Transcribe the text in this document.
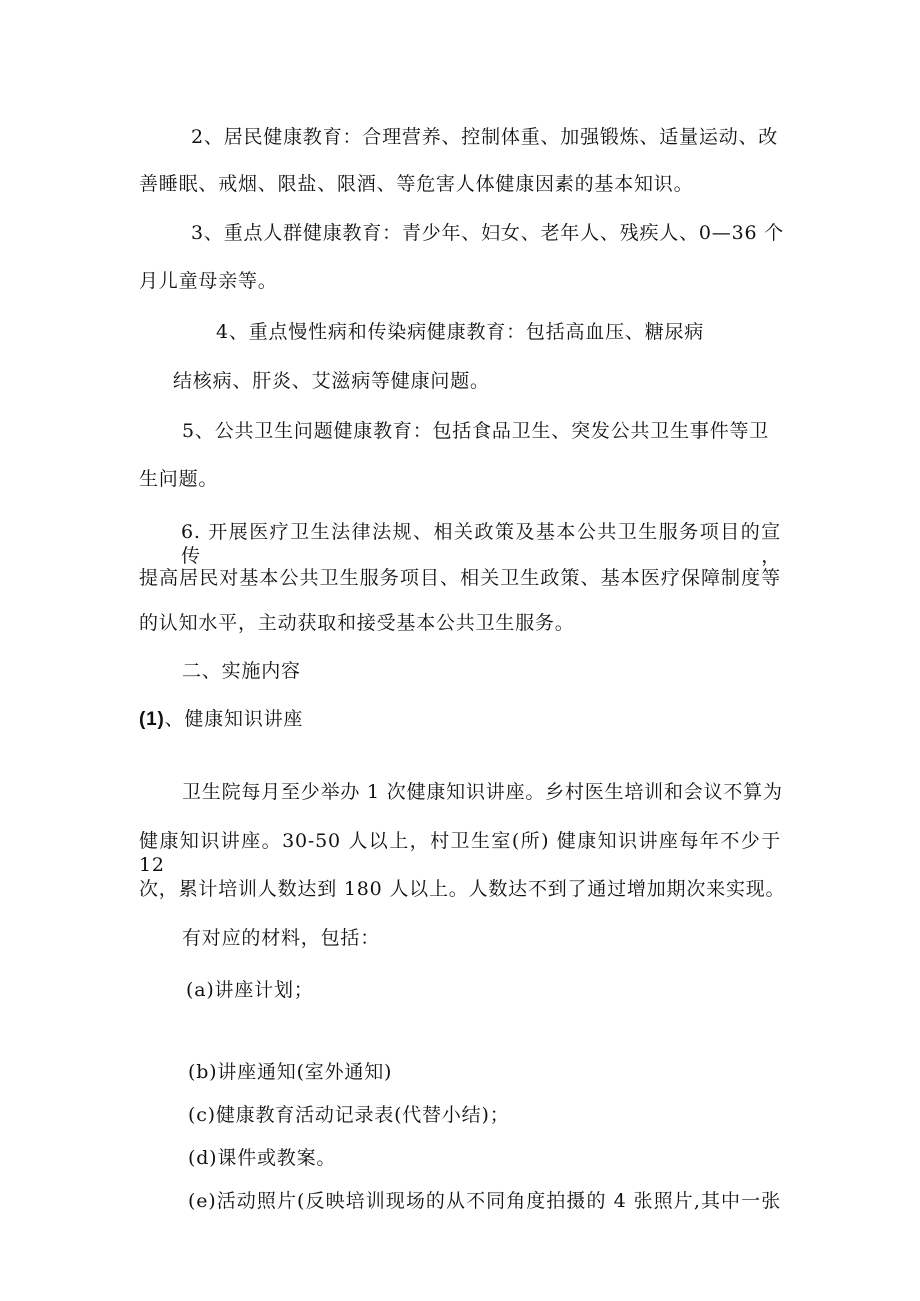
2、居民健康教育：合理营养、控制体重、加强锻炼、适量运动、改
善睡眠、戒烟、限盐、限酒、等危害人体健康因素的基本知识。
3、重点人群健康教育：青少年、妇女、老年人、残疾人、0—36 个
月儿童母亲等。
4、重点慢性病和传染病健康教育：包括高血压、糖尿病
结核病、肝炎、艾滋病等健康问题。
5、公共卫生问题健康教育：包括食品卫生、突发公共卫生事件等卫
生问题。
6. 开展医疗卫生法律法规、相关政策及基本公共卫生服务项目的宣传，
提高居民对基本公共卫生服务项目、相关卫生政策、基本医疗保障制度等
的认知水平，主动获取和接受基本公共卫生服务。
二、实施内容
(1)、健康知识讲座
卫生院每月至少举办 1 次健康知识讲座。乡村医生培训和会议不算为
健康知识讲座。30-50 人以上，村卫生室(所) 健康知识讲座每年不少于 12
次，累计培训人数达到 180 人以上。人数达不到了通过增加期次来实现。
有对应的材料，包括：
(a)讲座计划；
(b)讲座通知(室外通知)
(c)健康教育活动记录表(代替小结)；
(d)课件或教案。
(e)活动照片(反映培训现场的从不同角度拍摄的 4 张照片,其中一张
